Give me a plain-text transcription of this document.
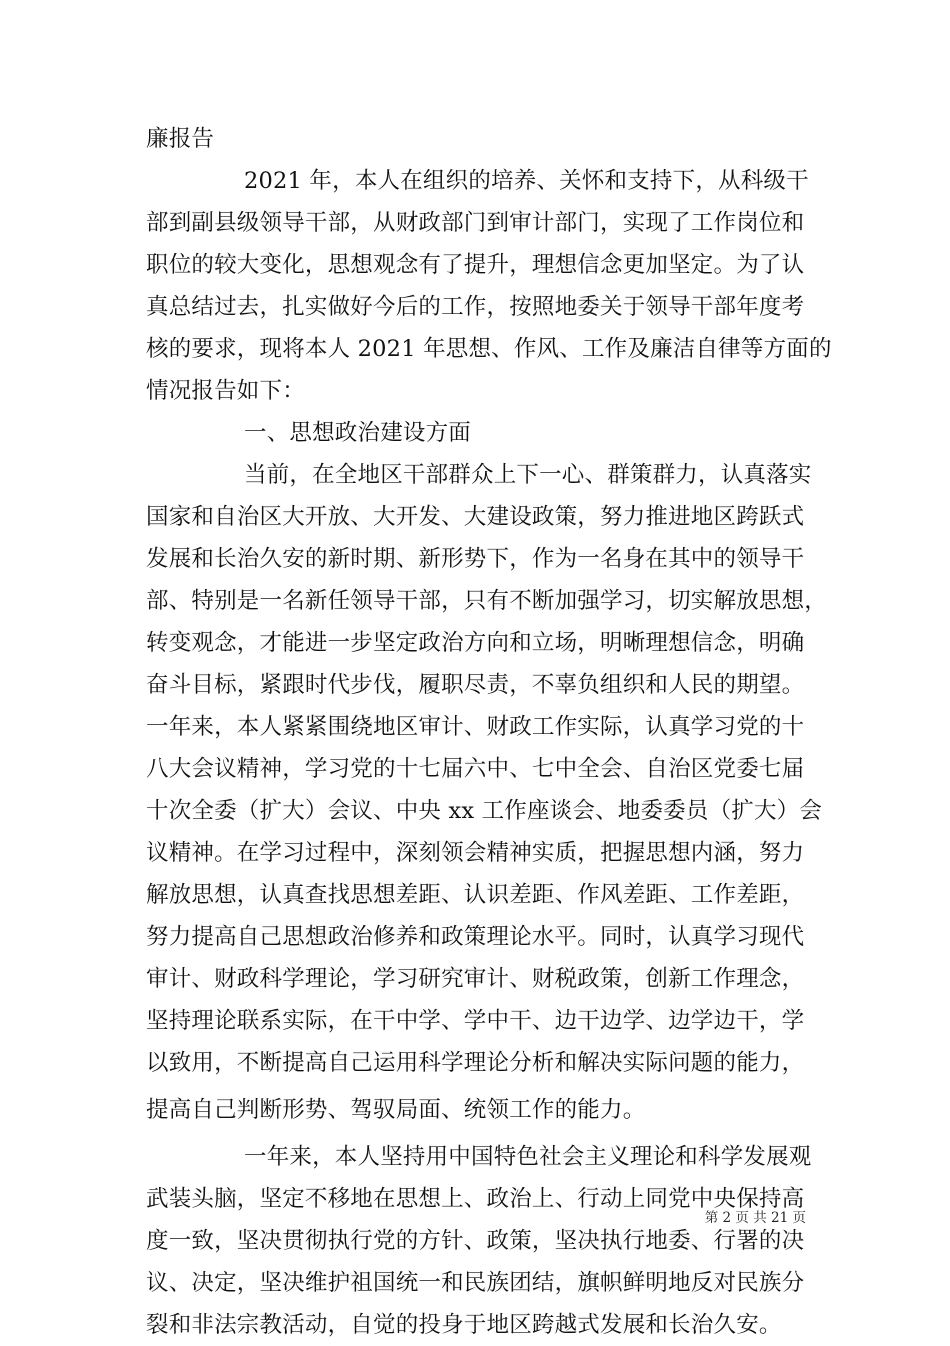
廉报告
2021 年，本人在组织的培养、关怀和支持下，从科级干
部到副县级领导干部，从财政部门到审计部门，实现了工作岗位和
职位的较大变化，思想观念有了提升，理想信念更加坚定。为了认
真总结过去，扎实做好今后的工作，按照地委关于领导干部年度考
核的要求，现将本人 2021 年思想、作风、工作及廉洁自律等方面的
情况报告如下：
一、思想政治建设方面
当前，在全地区干部群众上下一心、群策群力，认真落实
国家和自治区大开放、大开发、大建设政策，努力推进地区跨跃式
发展和长治久安的新时期、新形势下，作为一名身在其中的领导干
部、特别是一名新任领导干部，只有不断加强学习，切实解放思想，
转变观念，才能进一步坚定政治方向和立场，明晰理想信念，明确
奋斗目标，紧跟时代步伐，履职尽责，不辜负组织和人民的期望。
一年来，本人紧紧围绕地区审计、财政工作实际，认真学习党的十
八大会议精神，学习党的十七届六中、七中全会、自治区党委七届
十次全委（扩大）会议、中央 xx 工作座谈会、地委委员（扩大）会
议精神。在学习过程中，深刻领会精神实质，把握思想内涵，努力
解放思想，认真查找思想差距、认识差距、作风差距、工作差距，
努力提高自己思想政治修养和政策理论水平。同时，认真学习现代
审计、财政科学理论，学习研究审计、财税政策，创新工作理念，
坚持理论联系实际，在干中学、学中干、边干边学、边学边干，学
以致用，不断提高自己运用科学理论分析和解决实际问题的能力，
提高自己判断形势、驾驭局面、统领工作的能力。
一年来，本人坚持用中国特色社会主义理论和科学发展观
武装头脑，坚定不移地在思想上、政治上、行动上同党中央保持高
度一致，坚决贯彻执行党的方针、政策，坚决执行地委、行署的决
议、决定，坚决维护祖国统一和民族团结，旗帜鲜明地反对民族分
裂和非法宗教活动，自觉的投身于地区跨越式发展和长治久安。
第 2 页 共 21 页
